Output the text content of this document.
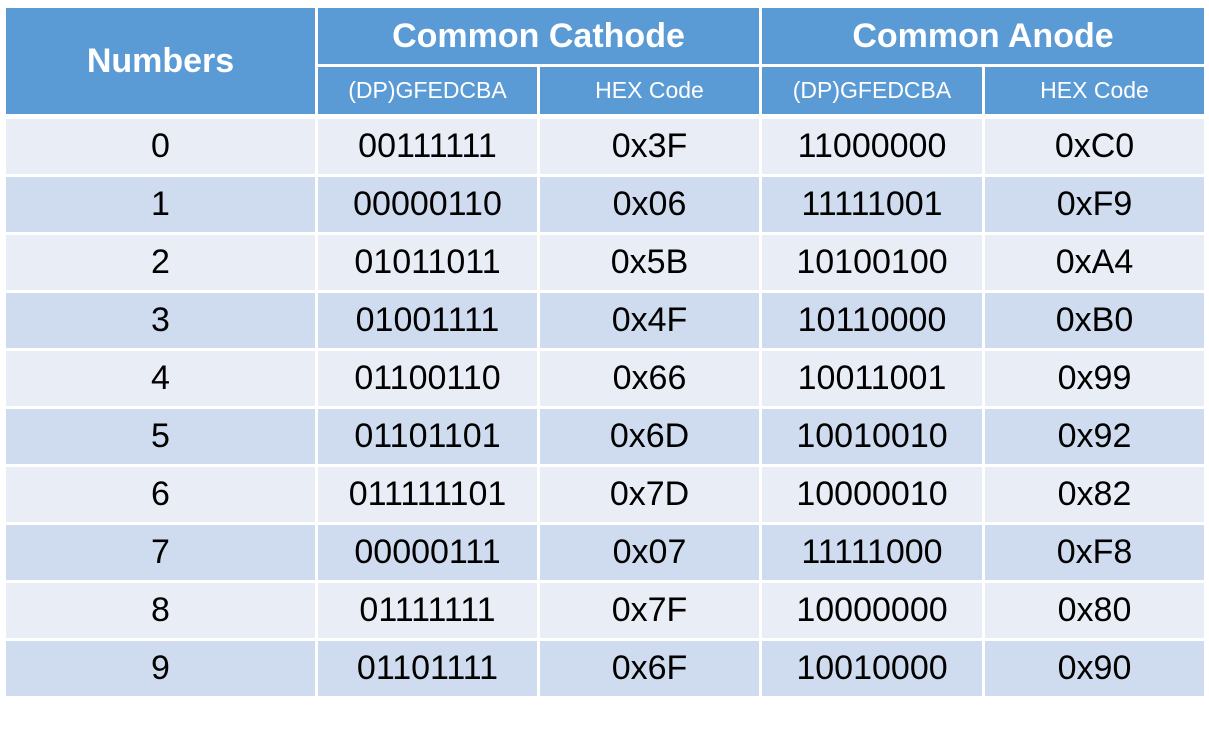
Numbers	Common Cathode		Common Anode	
	(DP)GFEDCBA	HEX Code	(DP)GFEDCBA	HEX Code
0	00111111	0x3F	11000000	0xC0
1	00000110	0x06	11111001	0xF9
2	01011011	0x5B	10100100	0xA4
3	01001111	0x4F	10110000	0xB0
4	01100110	0x66	10011001	0x99
5	01101101	0x6D	10010010	0x92
6	011111101	0x7D	10000010	0x82
7	00000111	0x07	11111000	0xF8
8	01111111	0x7F	10000000	0x80
9	01101111	0x6F	10010000	0x90
